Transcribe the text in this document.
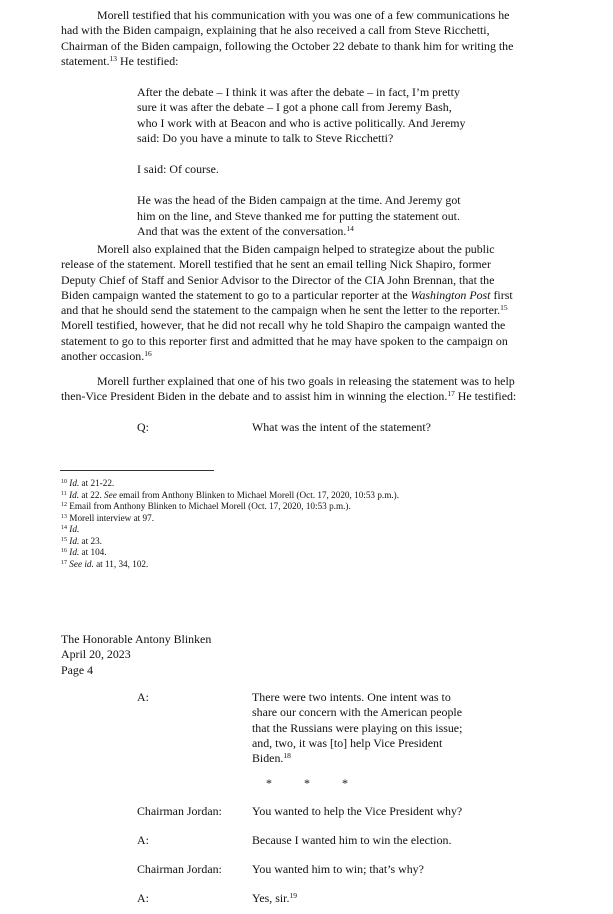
Morell testified that his communication with you was one of a few communications he
had with the Biden campaign, explaining that he also received a call from Steve Ricchetti,
Chairman of the Biden campaign, following the October 22 debate to thank him for writing the
statement.$^{13}$ He testified:
After the debate – I think it was after the debate – in fact, I’m pretty
sure it was after the debate – I got a phone call from Jeremy Bash,
who I work with at Beacon and who is active politically. And Jeremy
said: Do you have a minute to talk to Steve Ricchetti?
I said: Of course.
He was the head of the Biden campaign at the time. And Jeremy got
him on the line, and Steve thanked me for putting the statement out.
And that was the extent of the conversation.$^{14}$
Morell also explained that the Biden campaign helped to strategize about the public
release of the statement. Morell testified that he sent an email telling Nick Shapiro, former
Deputy Chief of Staff and Senior Advisor to the Director of the CIA John Brennan, that the
Biden campaign wanted the statement to go to a particular reporter at the Washington Post first
and that he should send the statement to the campaign when he sent the letter to the reporter.$^{15}$
Morell testified, however, that he did not recall why he told Shapiro the campaign wanted the
statement to go to this reporter first and admitted that he may have spoken to the campaign on
another occasion.$^{16}$
Morell further explained that one of his two goals in releasing the statement was to help
then-Vice President Biden in the debate and to assist him in winning the election.$^{17}$ He testified:
Q:	What was the intent of the statement?
$^{10}$ Id. at 21-22.
$^{11}$ Id. at 22. See email from Anthony Blinken to Michael Morell (Oct. 17, 2020, 10:53 p.m.).
$^{12}$ Email from Anthony Blinken to Michael Morell (Oct. 17, 2020, 10:53 p.m.).
$^{13}$ Morell interview at 97.
$^{14}$ Id.
$^{15}$ Id. at 23.
$^{16}$ Id. at 104.
$^{17}$ See id. at 11, 34, 102.
The Honorable Antony Blinken
April 20, 2023
Page 4
A:	There were two intents. One intent was to
share our concern with the American people
that the Russians were playing on this issue;
and, two, it was [to] help Vice President
Biden.$^{18}$
*	*	*
Chairman Jordan:	You wanted to help the Vice President why?
A:	Because I wanted him to win the election.
Chairman Jordan:	You wanted him to win; that’s why?
A:	Yes, sir.$^{19}$
